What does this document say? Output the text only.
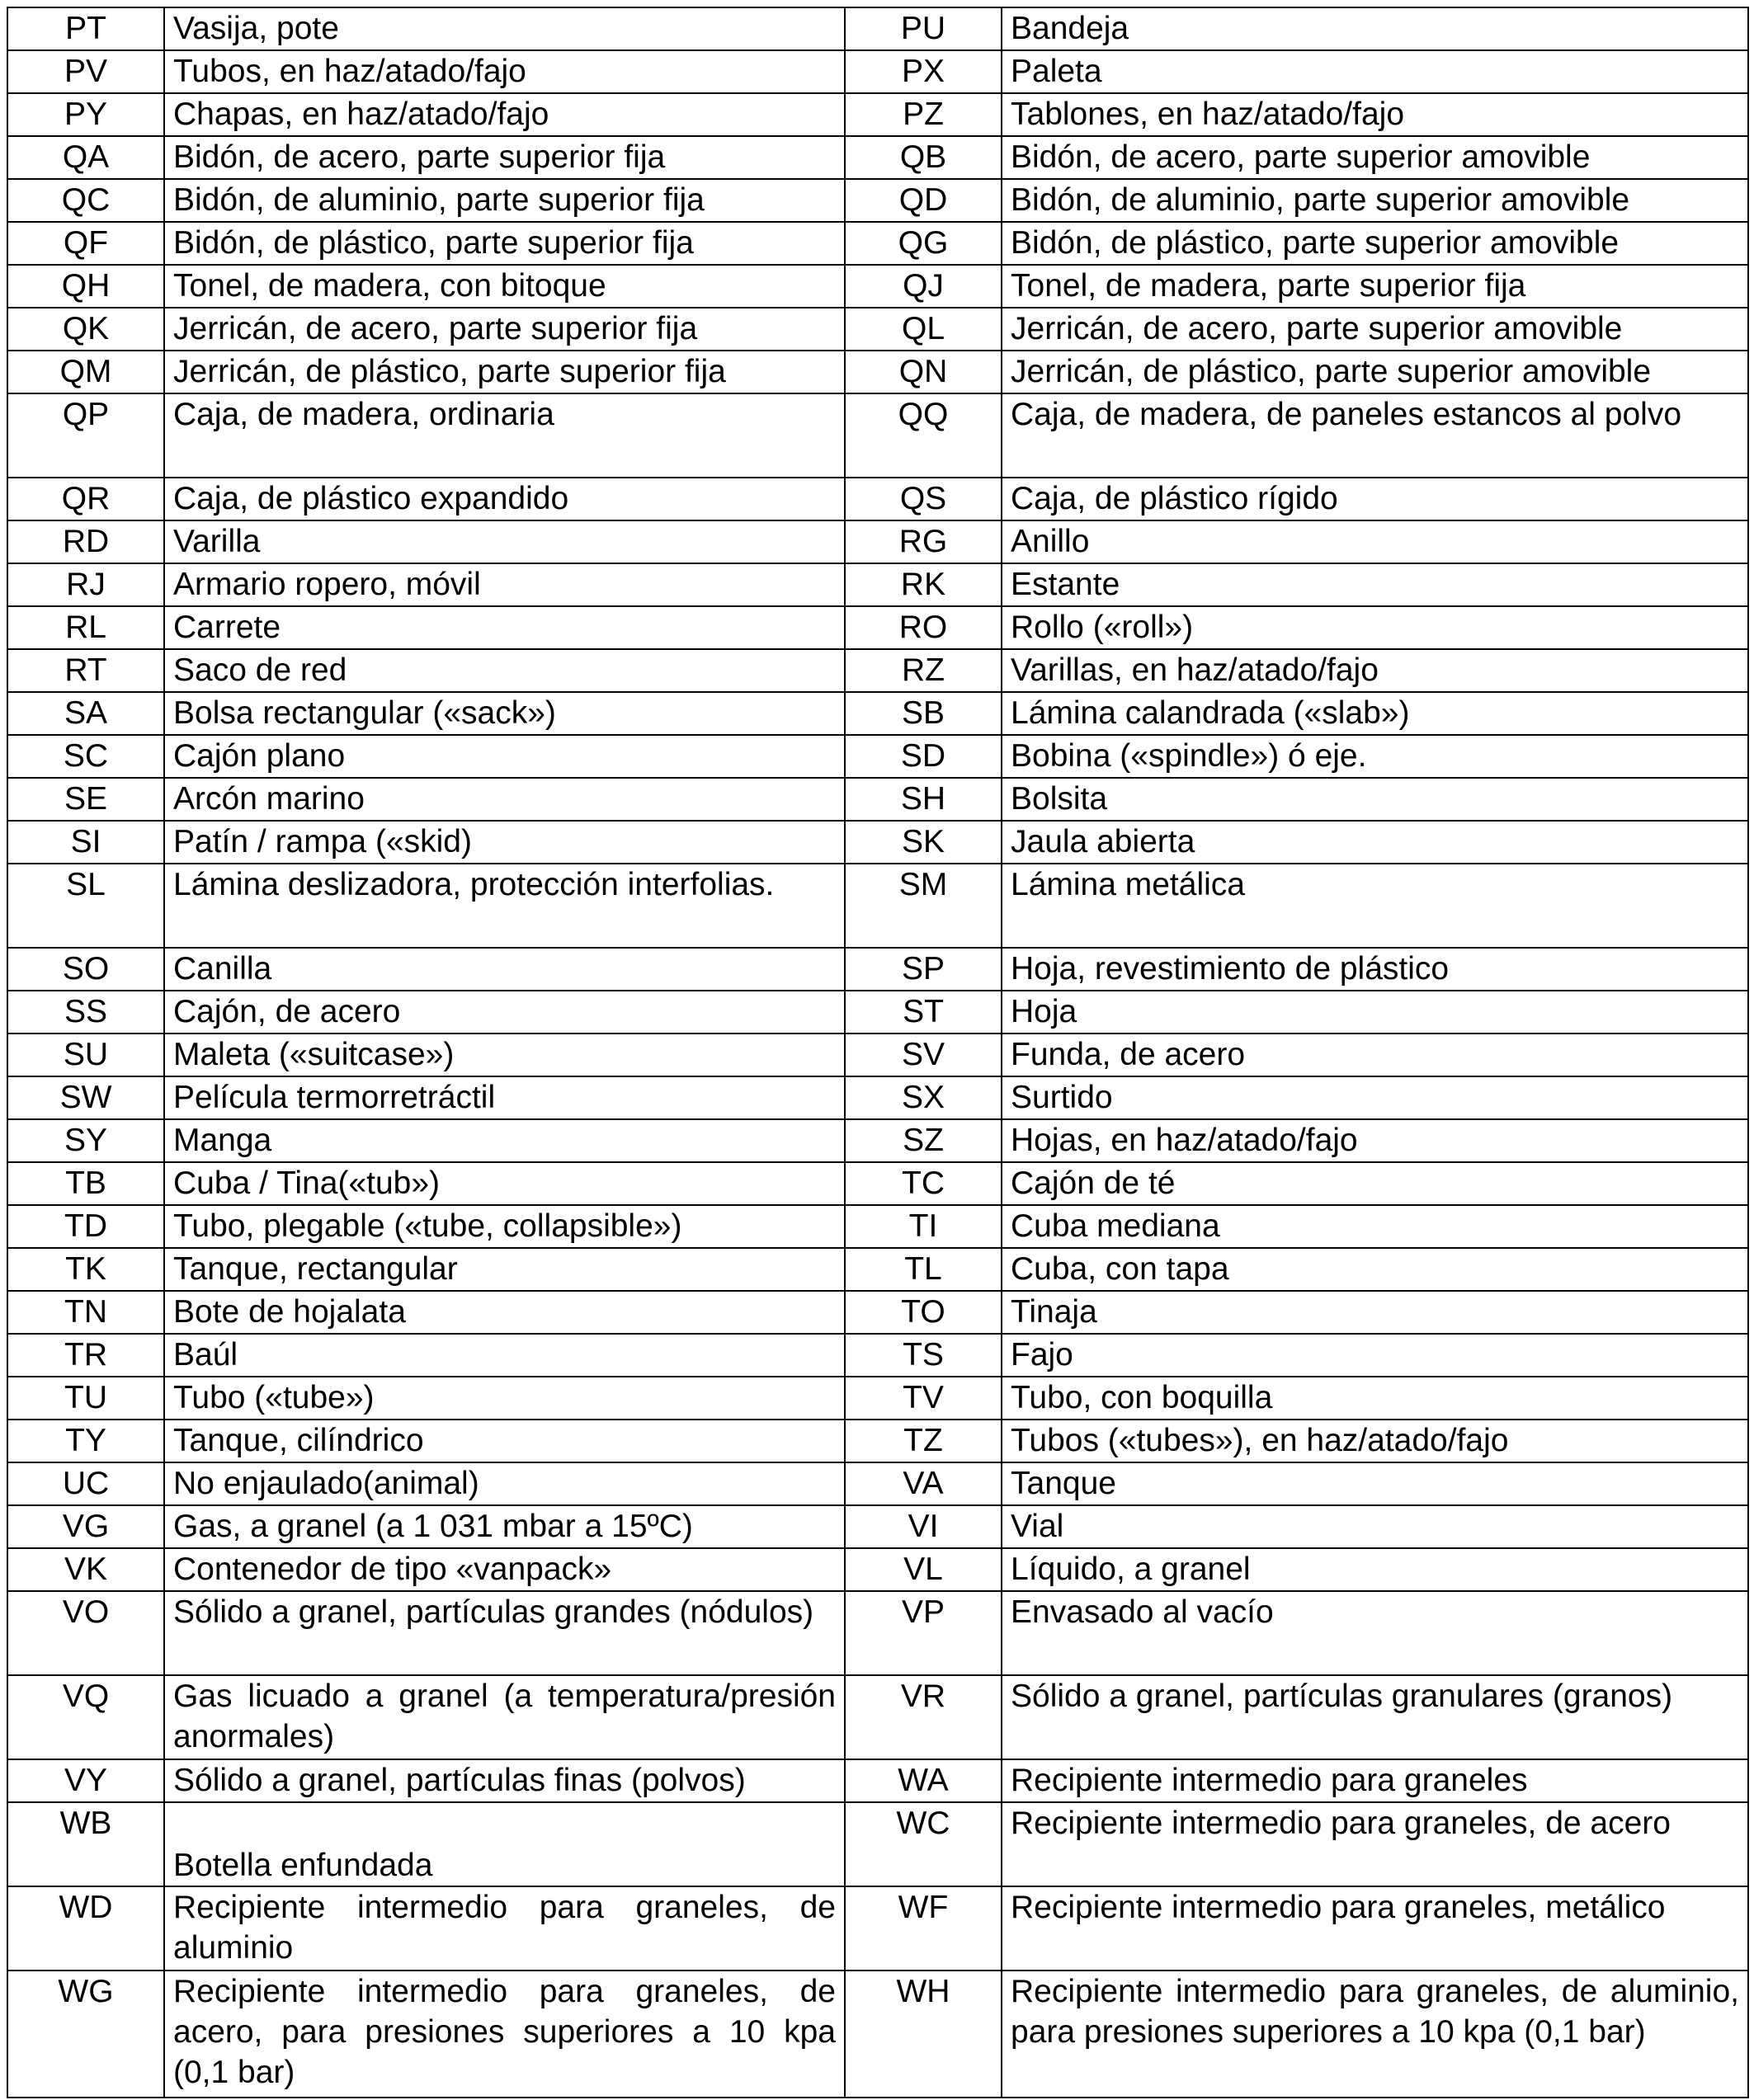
PT	Vasija, pote	PU	Bandeja
PV	Tubos, en haz/atado/fajo	PX	Paleta
PY	Chapas, en haz/atado/fajo	PZ	Tablones, en haz/atado/fajo
QA	Bidón, de acero, parte superior fija	QB	Bidón, de acero, parte superior amovible
QC	Bidón, de aluminio, parte superior fija	QD	Bidón, de aluminio, parte superior amovible
QF	Bidón, de plástico, parte superior fija	QG	Bidón, de plástico, parte superior amovible
QH	Tonel, de madera, con bitoque	QJ	Tonel, de madera, parte superior fija
QK	Jerricán, de acero, parte superior fija	QL	Jerricán, de acero, parte superior amovible
QM	Jerricán, de plástico, parte superior fija	QN	Jerricán, de plástico, parte superior amovible
QP	Caja, de madera, ordinaria	QQ	Caja, de madera, de paneles estancos al polvo
QR	Caja, de plástico expandido	QS	Caja, de plástico rígido
RD	Varilla	RG	Anillo
RJ	Armario ropero, móvil	RK	Estante
RL	Carrete	RO	Rollo («roll»)
RT	Saco de red	RZ	Varillas, en haz/atado/fajo
SA	Bolsa rectangular («sack»)	SB	Lámina calandrada («slab»)
SC	Cajón plano	SD	Bobina («spindle») ó eje.
SE	Arcón marino	SH	Bolsita
SI	Patín / rampa («skid)	SK	Jaula abierta
SL	Lámina deslizadora, protección interfolias.	SM	Lámina metálica
SO	Canilla	SP	Hoja, revestimiento de plástico
SS	Cajón, de acero	ST	Hoja
SU	Maleta («suitcase»)	SV	Funda, de acero
SW	Película termorretráctil	SX	Surtido
SY	Manga	SZ	Hojas, en haz/atado/fajo
TB	Cuba / Tina(«tub»)	TC	Cajón de té
TD	Tubo, plegable («tube, collapsible»)	TI	Cuba mediana
TK	Tanque, rectangular	TL	Cuba, con tapa
TN	Bote de hojalata	TO	Tinaja
TR	Baúl	TS	Fajo
TU	Tubo («tube»)	TV	Tubo, con boquilla
TY	Tanque, cilíndrico	TZ	Tubos («tubes»), en haz/atado/fajo
UC	No enjaulado(animal)	VA	Tanque
VG	Gas, a granel (a 1 031 mbar a 15ºC)	VI	Vial
VK	Contenedor de tipo «vanpack»	VL	Líquido, a granel
VO	Sólido a granel, partículas grandes (nódulos)	VP	Envasado al vacío
VQ	Gas licuado a granel (a temperatura/presión anormales)	VR	Sólido a granel, partículas granulares (granos)
VY	Sólido a granel, partículas finas (polvos)	WA	Recipiente intermedio para graneles
WB	Botella enfundada	WC	Recipiente intermedio para graneles, de acero
WD	Recipiente intermedio para graneles, de aluminio	WF	Recipiente intermedio para graneles, metálico
WG	Recipiente intermedio para graneles, de acero, para presiones superiores a 10 kpa (0,1 bar)	WH	Recipiente intermedio para graneles, de aluminio, para presiones superiores a 10 kpa (0,1 bar)
